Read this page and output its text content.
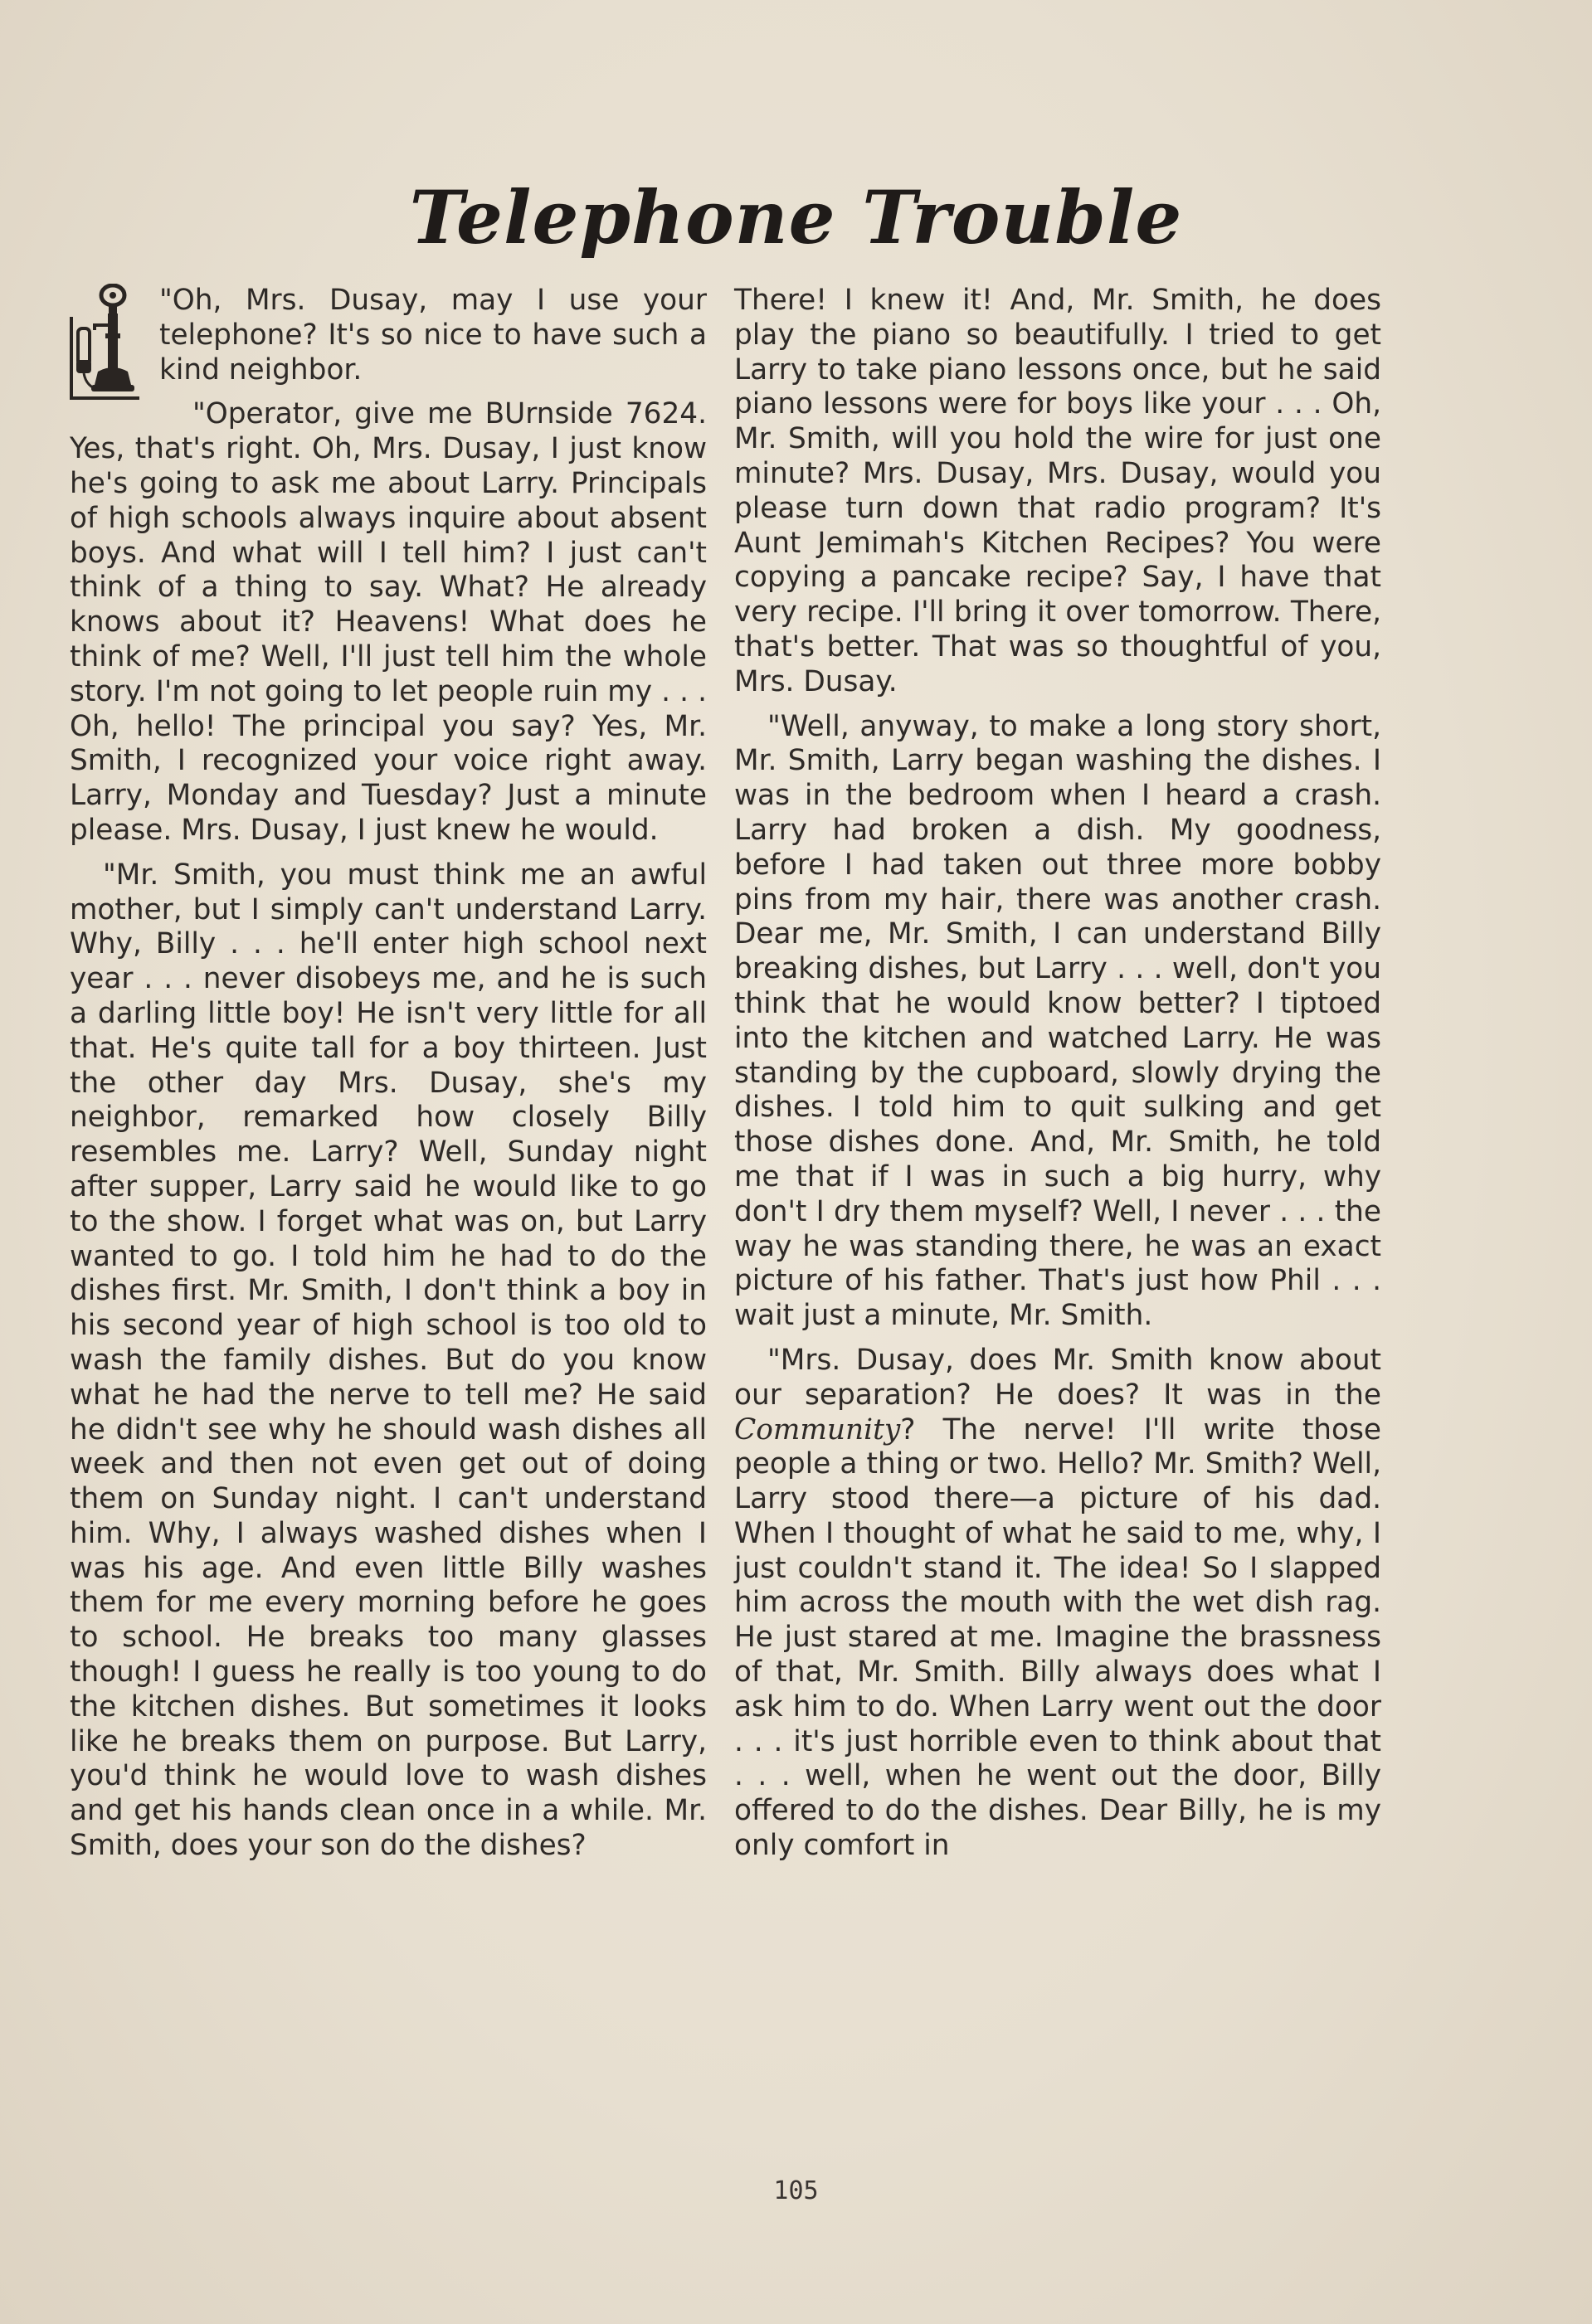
Telephone Trouble

"Oh, Mrs. Dusay, may I use your telephone? It's so nice to have such a kind neighbor.

"Operator, give me BUrnside 7624. Yes, that's right. Oh, Mrs. Dusay, I just know he's going to ask me about Larry. Principals of high schools always inquire about absent boys. And what will I tell him? I just can't think of a thing to say. What? He already knows about it? Heavens! What does he think of me? Well, I'll just tell him the whole story. I'm not going to let people ruin my . . . Oh, hello! The principal you say? Yes, Mr. Smith, I recognized your voice right away. Larry, Monday and Tuesday? Just a minute please. Mrs. Dusay, I just knew he would.

"Mr. Smith, you must think me an awful mother, but I simply can't understand Larry. Why, Billy . . . he'll enter high school next year . . . never disobeys me, and he is such a darling little boy! He isn't very little for all that. He's quite tall for a boy thirteen. Just the other day Mrs. Dusay, she's my neighbor, remarked how closely Billy resembles me. Larry? Well, Sunday night after supper, Larry said he would like to go to the show. I forget what was on, but Larry wanted to go. I told him he had to do the dishes first. Mr. Smith, I don't think a boy in his second year of high school is too old to wash the family dishes. But do you know what he had the nerve to tell me? He said he didn't see why he should wash dishes all week and then not even get out of doing them on Sunday night. I can't understand him. Why, I always washed dishes when I was his age. And even little Billy washes them for me every morning before he goes to school. He breaks too many glasses though! I guess he really is too young to do the kitchen dishes. But sometimes it looks like he breaks them on purpose. But Larry, you'd think he would love to wash dishes and get his hands clean once in a while. Mr. Smith, does your son do the dishes?

There! I knew it! And, Mr. Smith, he does play the piano so beautifully. I tried to get Larry to take piano lessons once, but he said piano lessons were for boys like your . . . Oh, Mr. Smith, will you hold the wire for just one minute? Mrs. Dusay, Mrs. Dusay, would you please turn down that radio program? It's Aunt Jemimah's Kitchen Recipes? You were copying a pancake recipe? Say, I have that very recipe. I'll bring it over tomorrow. There, that's better. That was so thoughtful of you, Mrs. Dusay.

"Well, anyway, to make a long story short, Mr. Smith, Larry began washing the dishes. I was in the bedroom when I heard a crash. Larry had broken a dish. My goodness, before I had taken out three more bobby pins from my hair, there was another crash. Dear me, Mr. Smith, I can understand Billy breaking dishes, but Larry . . . well, don't you think that he would know better? I tiptoed into the kitchen and watched Larry. He was standing by the cupboard, slowly drying the dishes. I told him to quit sulking and get those dishes done. And, Mr. Smith, he told me that if I was in such a big hurry, why don't I dry them myself? Well, I never . . . the way he was standing there, he was an exact picture of his father. That's just how Phil . . . wait just a minute, Mr. Smith.

"Mrs. Dusay, does Mr. Smith know about our separation? He does? It was in the Community? The nerve! I'll write those people a thing or two. Hello? Mr. Smith? Well, Larry stood there—a picture of his dad. When I thought of what he said to me, why, I just couldn't stand it. The idea! So I slapped him across the mouth with the wet dish rag. He just stared at me. Imagine the brassness of that, Mr. Smith. Billy always does what I ask him to do. When Larry went out the door . . . it's just horrible even to think about that . . . well, when he went out the door, Billy offered to do the dishes. Dear Billy, he is my only comfort in

105
